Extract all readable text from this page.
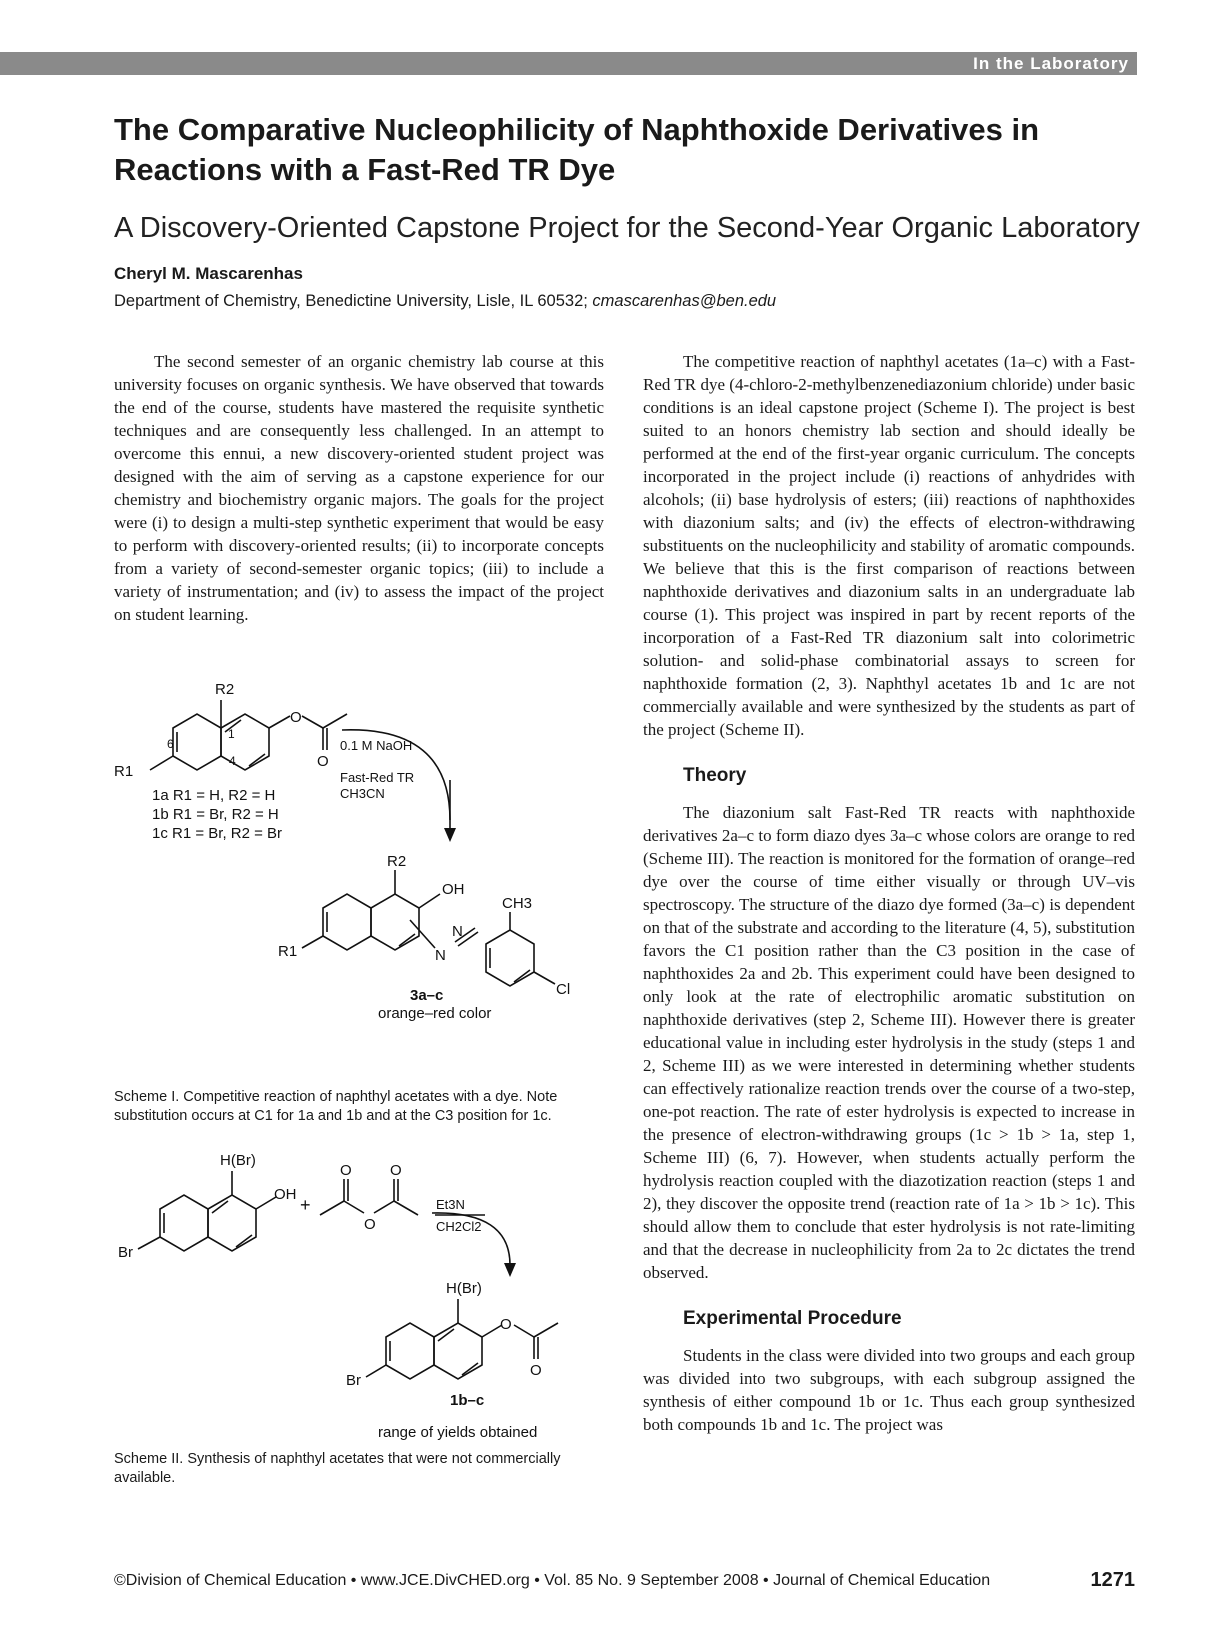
In the Laboratory
The Comparative Nucleophilicity of Naphthoxide Derivatives in Reactions with a Fast-Red TR Dye
A Discovery-Oriented Capstone Project for the Second-Year Organic Laboratory
Cheryl M. Mascarenhas
Department of Chemistry, Benedictine University, Lisle, IL 60532; cmascarenhas@ben.edu

The second semester of an organic chemistry lab course at this university focuses on organic synthesis. We have observed that towards the end of the course, students have mastered the requisite synthetic techniques and are consequently less challenged. In an attempt to overcome this ennui, a new discovery-oriented student project was designed with the aim of serving as a capstone experience for our chemistry and biochemistry organic majors. The goals for the project were (i) to design a multi-step synthetic experiment that would be easy to perform with discovery-oriented results; (ii) to incorporate concepts from a variety of second-semester organic topics; (iii) to include a variety of instrumentation; and (iv) to assess the impact of the project on student learning.

R2
R1
O
O
1
4
6	0.1 M NaOH
Fast-Red TR
CH3CN
1a R1 = H, R2 = H
1b R1 = Br, R2 = H
1c R1 = Br, R2 = Br
R2
OH
CH3
N
N
R1
Cl
3a–c
orange–red color
Scheme I. Competitive reaction of naphthyl acetates with a dye. Note substitution occurs at C1 for 1a and 1b and at the C3 position for 1c.
H(Br)
OH
Br
+
O
O
O
Et3N
CH2Cl2
H(Br)
O
O
Br
1b–c
range of yields obtained
Scheme II. Synthesis of naphthyl acetates that were not commercially available.

The competitive reaction of naphthyl acetates (1a–c) with a Fast-Red TR dye (4-chloro-2-methylbenzenediazonium chloride) under basic conditions is an ideal capstone project (Scheme I). The project is best suited to an honors chemistry lab section and should ideally be performed at the end of the first-year organic curriculum. The concepts incorporated in the project include (i) reactions of anhydrides with alcohols; (ii) base hydrolysis of esters; (iii) reactions of naphthoxides with diazonium salts; and (iv) the effects of electron-withdrawing substituents on the nucleophilicity and stability of aromatic compounds. We believe that this is the first comparison of reactions between naphthoxide derivatives and diazonium salts in an undergraduate lab course (1). This project was inspired in part by recent reports of the incorporation of a Fast-Red TR diazonium salt into colorimetric solution- and solid-phase combinatorial assays to screen for naphthoxide formation (2, 3). Naphthyl acetates 1b and 1c are not commercially available and were synthesized by the students as part of the project (Scheme II).

Theory

The diazonium salt Fast-Red TR reacts with naphthoxide derivatives 2a–c to form diazo dyes 3a–c whose colors are orange to red (Scheme III). The reaction is monitored for the formation of orange–red dye over the course of time either visually or through UV–vis spectroscopy. The structure of the diazo dye formed (3a–c) is dependent on that of the substrate and according to the literature (4, 5), substitution favors the C1 position rather than the C3 position in the case of naphthoxides 2a and 2b. This experiment could have been designed to only look at the rate of electrophilic aromatic substitution on naphthoxide derivatives (step 2, Scheme III). However there is greater educational value in including ester hydrolysis in the study (steps 1 and 2, Scheme III) as we were interested in determining whether students can effectively rationalize reaction trends over the course of a two-step, one-pot reaction. The rate of ester hydrolysis is expected to increase in the presence of electron-withdrawing groups (1c > 1b > 1a, step 1, Scheme III) (6, 7). However, when students actually perform the hydrolysis reaction coupled with the diazotization reaction (steps 1 and 2), they discover the opposite trend (reaction rate of 1a > 1b > 1c). This should allow them to conclude that ester hydrolysis is not rate-limiting and that the decrease in nucleophilicity from 2a to 2c dictates the trend observed.

Experimental Procedure

Students in the class were divided into two groups and each group was divided into two subgroups, with each subgroup assigned the synthesis of either compound 1b or 1c. Thus each group synthesized both compounds 1b and 1c. The project was

©Division of Chemical Education • www.JCE.DivCHED.org • Vol. 85 No. 9 September 2008 • Journal of Chemical Education	1271
